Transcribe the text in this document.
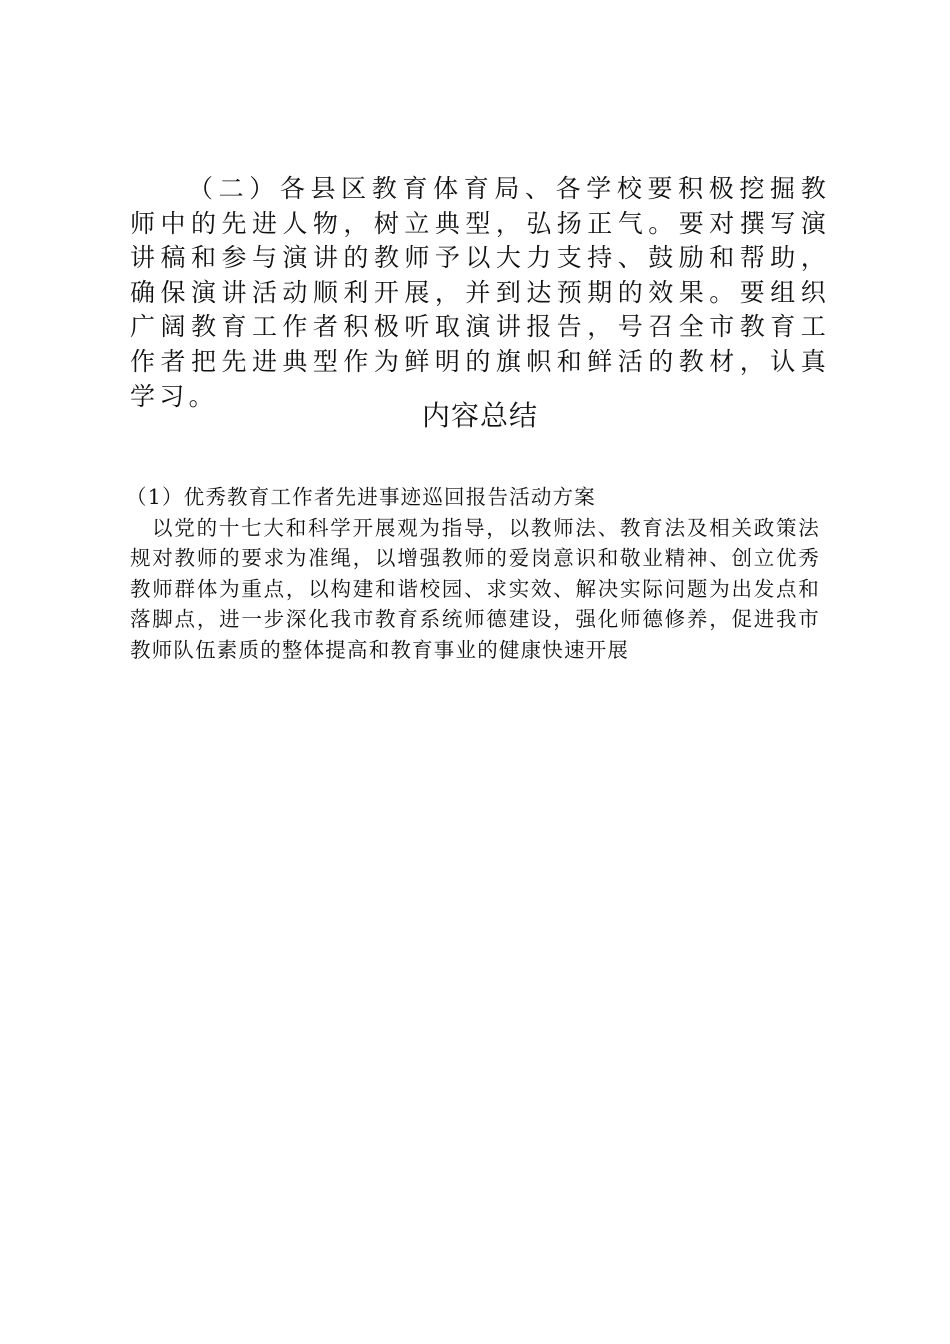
（二）各县区教育体育局、各学校要积极挖掘教师中的先进人物，树立典型，弘扬正气。要对撰写演讲稿和参与演讲的教师予以大力支持、鼓励和帮助，确保演讲活动顺利开展，并到达预期的效果。要组织广阔教育工作者积极听取演讲报告，号召全市教育工作者把先进典型作为鲜明的旗帜和鲜活的教材，认真学习。

内容总结
（1）优秀教育工作者先进事迹巡回报告活动方案
以党的十七大和科学开展观为指导，以教师法、教育法及相关政策法规对教师的要求为准绳，以增强教师的爱岗意识和敬业精神、创立优秀教师群体为重点，以构建和谐校园、求实效、解决实际问题为出发点和落脚点，进一步深化我市教育系统师德建设，强化师德修养，促进我市教师队伍素质的整体提高和教育事业的健康快速开展
